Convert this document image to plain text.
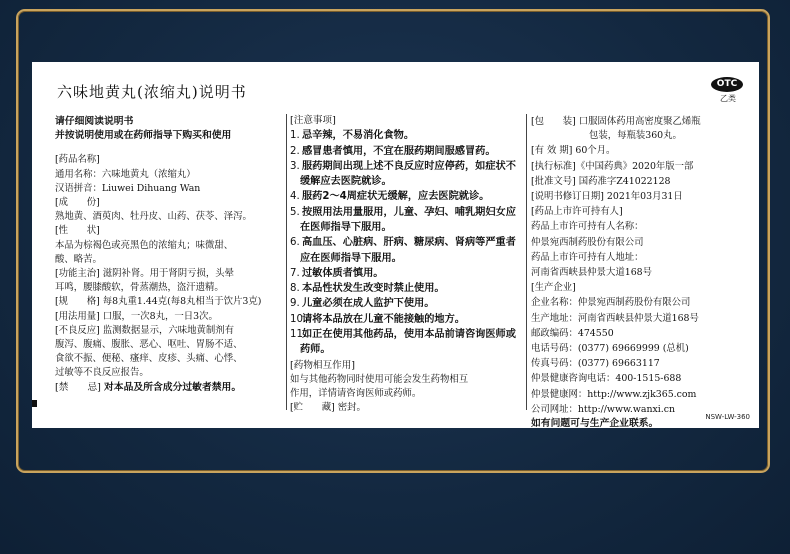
六味地黄丸(浓缩丸)说明书	OTC
乙类
请仔细阅读说明书
并按说明使用或在药师指导下购买和使用
[药品名称]
通用名称：六味地黄丸（浓缩丸）
汉语拼音：Liuwei Dihuang Wan
[成　　份]
熟地黄、酒萸肉、牡丹皮、山药、茯苓、泽泻。
[性　　状]
本品为棕褐色或亮黑色的浓缩丸；味微甜、
酸、略苦。
[功能主治] 滋阴补肾。用于肾阴亏损，头晕
耳鸣，腰膝酸软，骨蒸潮热，盗汗遗精。
[规　　格] 每8丸重1.44克(每8丸相当于饮片3克)
[用法用量] 口服，一次8丸，一日3次。
[不良反应] 监测数据显示，六味地黄制剂有
腹泻、腹痛、腹胀、恶心、呕吐、胃肠不适、
食欲不振、便秘、瘙痒、皮疹、头痛、心悸、
过敏等不良反应报告。
[禁　　忌] 对本品及所含成分过敏者禁用。
[注意事项]
1. 忌辛辣，不易消化食物。
2. 感冒患者慎用，不宜在服药期间服感冒药。
3. 服药期间出现上述不良反应时应停药，如症状不缓解应去医院就诊。
4. 服药2～4周症状无缓解，应去医院就诊。
5. 按照用法用量服用，儿童、孕妇、哺乳期妇女应在医师指导下服用。
6. 高血压、心脏病、肝病、糖尿病、肾病等严重者应在医师指导下服用。
7. 过敏体质者慎用。
8. 本品性状发生改变时禁止使用。
9. 儿童必须在成人监护下使用。
10.请将本品放在儿童不能接触的地方。
11.如正在使用其他药品，使用本品前请咨询医师或药师。
[药物相互作用]
如与其他药物同时使用可能会发生药物相互
作用，详情请咨询医师或药师。
[贮　　藏] 密封。
[包　　装] 口服固体药用高密度聚乙烯瓶
包装，每瓶装360丸。
[有 效 期] 60个月。
[执行标准]《中国药典》2020年版一部
[批准文号] 国药准字Z41022128
[说明书修订日期] 2021年03月31日
[药品上市许可持有人]
药品上市许可持有人名称：
仲景宛西制药股份有限公司
药品上市许可持有人地址：
河南省西峡县仲景大道168号
[生产企业]
企业名称：仲景宛西制药股份有限公司
生产地址：河南省西峡县仲景大道168号
邮政编码：474550
电话号码：(0377) 69669999 (总机)
传真号码：(0377) 69663117
仲景健康咨询电话：400-1515-688
仲景健康网：http://www.zjk365.com
公司网址：http://www.wanxi.cn
如有问题可与生产企业联系。
NSW-LW-360
